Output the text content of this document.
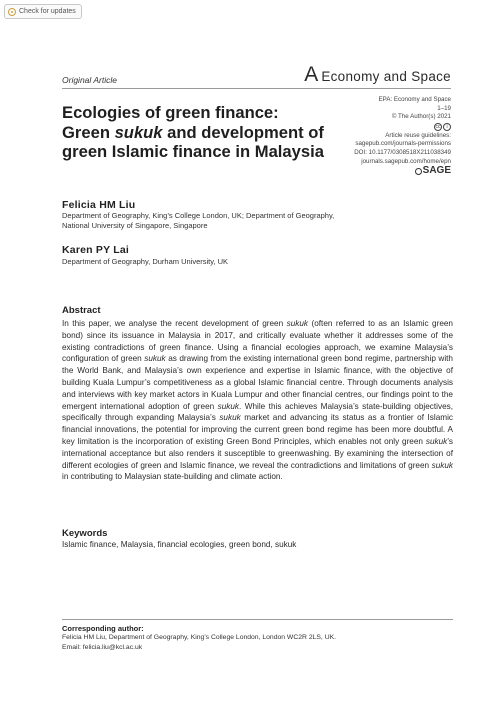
Check for updates
Original Article	A Economy and Space
Ecologies of green finance:
Green sukuk and development of
green Islamic finance in Malaysia
EPA: Economy and Space
1–19
© The Author(s) 2021
cc	i
Article reuse guidelines:
sagepub.com/journals-permissions
DOI: 10.1177/0308518X211038349
journals.sagepub.com/home/epn
SAGE
Felicia HM Liu
Department of Geography, King’s College London, UK; Department of Geography, National University of Singapore, Singapore
Karen PY Lai
Department of Geography, Durham University, UK
Abstract

In this paper, we analyse the recent development of green sukuk (often referred to as an Islamic green bond) since its issuance in Malaysia in 2017, and critically evaluate whether it addresses some of the existing contradictions of green finance. Using a financial ecologies approach, we examine Malaysia’s configuration of green sukuk as drawing from the existing international green bond regime, partnership with the World Bank, and Malaysia’s own experience and expertise in Islamic finance, with the objective of building Kuala Lumpur’s competitiveness as a global Islamic financial centre. Through documents analysis and interviews with key market actors in Kuala Lumpur and other financial centres, our findings point to the emergent international adoption of green sukuk. While this achieves Malaysia’s state-building objectives, specifically through expanding Malaysia’s sukuk market and advancing its status as a frontier of Islamic financial innovations, the potential for improving the current green bond regime has been more doubtful. A key limitation is the incorporation of existing Green Bond Principles, which enables not only green sukuk’s international acceptance but also renders it susceptible to greenwashing. By examining the intersection of different ecologies of green and Islamic finance, we reveal the contradictions and limitations of green sukuk in contributing to Malaysian state-building and climate action.

Keywords
Islamic finance, Malaysia, financial ecologies, green bond, sukuk
Corresponding author:
Felicia HM Liu, Department of Geography, King’s College London, London WC2R 2LS, UK.
Email: felicia.liu@kcl.ac.uk
